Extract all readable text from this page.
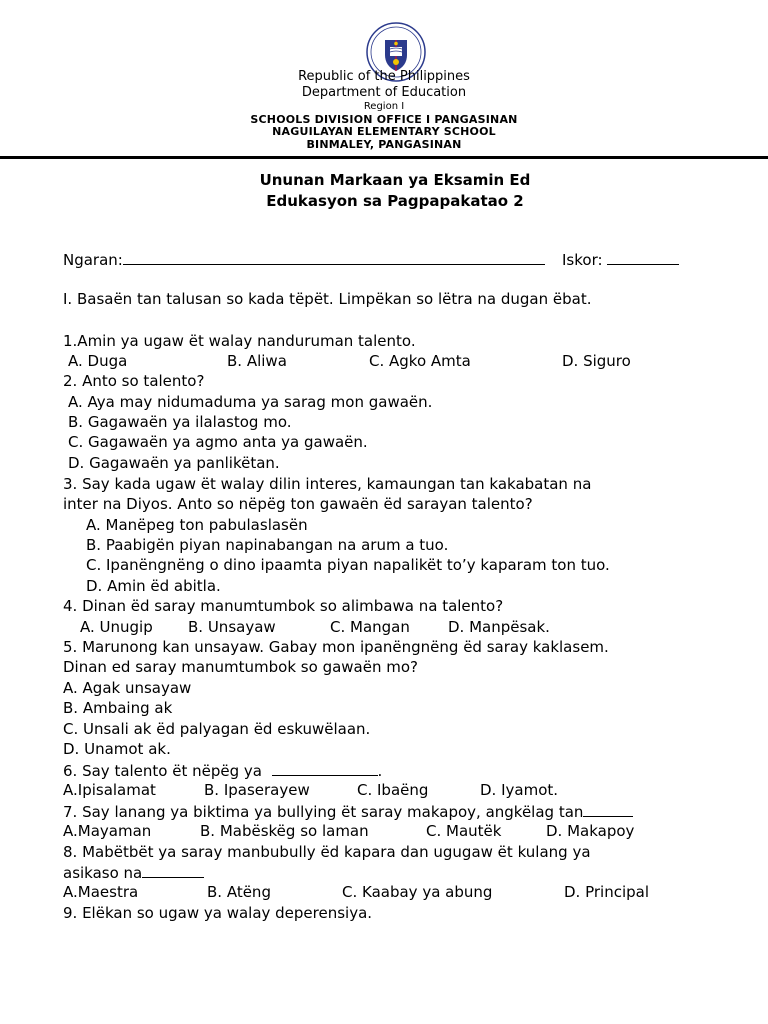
Republic of the Philippines
Department of Education
Region I
SCHOOLS DIVISION OFFICE I PANGASINAN
NAGUILAYAN ELEMENTARY SCHOOL
BINMALEY, PANGASINAN
Ununan Markaan ya Eksamin Ed
Edukasyon sa Pagpapakatao 2
Ngaran:	Iskor:
I. Basaën tan talusan so kada tëpët. Limpëkan so lëtra na dugan ëbat.
1.Amin ya ugaw ët walay nanduruman talento.
A. Duga	B. Aliwa	C. Agko Amta	D. Siguro
2. Anto so talento?
A. Aya may nidumaduma ya sarag mon gawaën.
B. Gagawaën ya ilalastog mo.
C. Gagawaën ya agmo anta ya gawaën.
D. Gagawaën ya panlikëtan.
3. Say kada ugaw ët walay dilin interes, kamaungan tan kakabatan na
inter na Diyos. Anto so nëpëg ton gawaën ëd sarayan talento?
A. Manëpeg ton pabulaslasën
B. Paabigën piyan napinabangan na arum a tuo.
C. Ipanëngnëng o dino ipaamta piyan napalikët to’y kaparam ton tuo.
D. Amin ëd abitla.
4. Dinan ëd saray manumtumbok so alimbawa na talento?
A. Unugip B. Unsayaw	C. Mangan	D. Manpësak.
5. Marunong kan unsayaw. Gabay mon ipanëngnëng ëd saray kaklasem.
Dinan ed saray manumtumbok so gawaën mo?
A. Agak unsayaw
B. Ambaing ak
C. Unsali ak ëd palyagan ëd eskuwëlaan.
D. Unamot ak.
6. Say talento ët nëpëg ya	.
A.Ipisalamat	B. Ipaserayew	C. Ibaëng	D. Iyamot.
7. Say lanang ya biktima ya bullying ët saray makapoy, angkëlag tan
A.Mayaman	B. Mabëskëg so laman	C. Mautëk	D. Makapoy
8. Mabëtbët ya saray manbubully ëd kapara dan ugugaw ët kulang ya
asikaso na
A.Maestra	B. Atëng	C. Kaabay ya abung	D. Principal
9. Elëkan so ugaw ya walay deperensiya.
